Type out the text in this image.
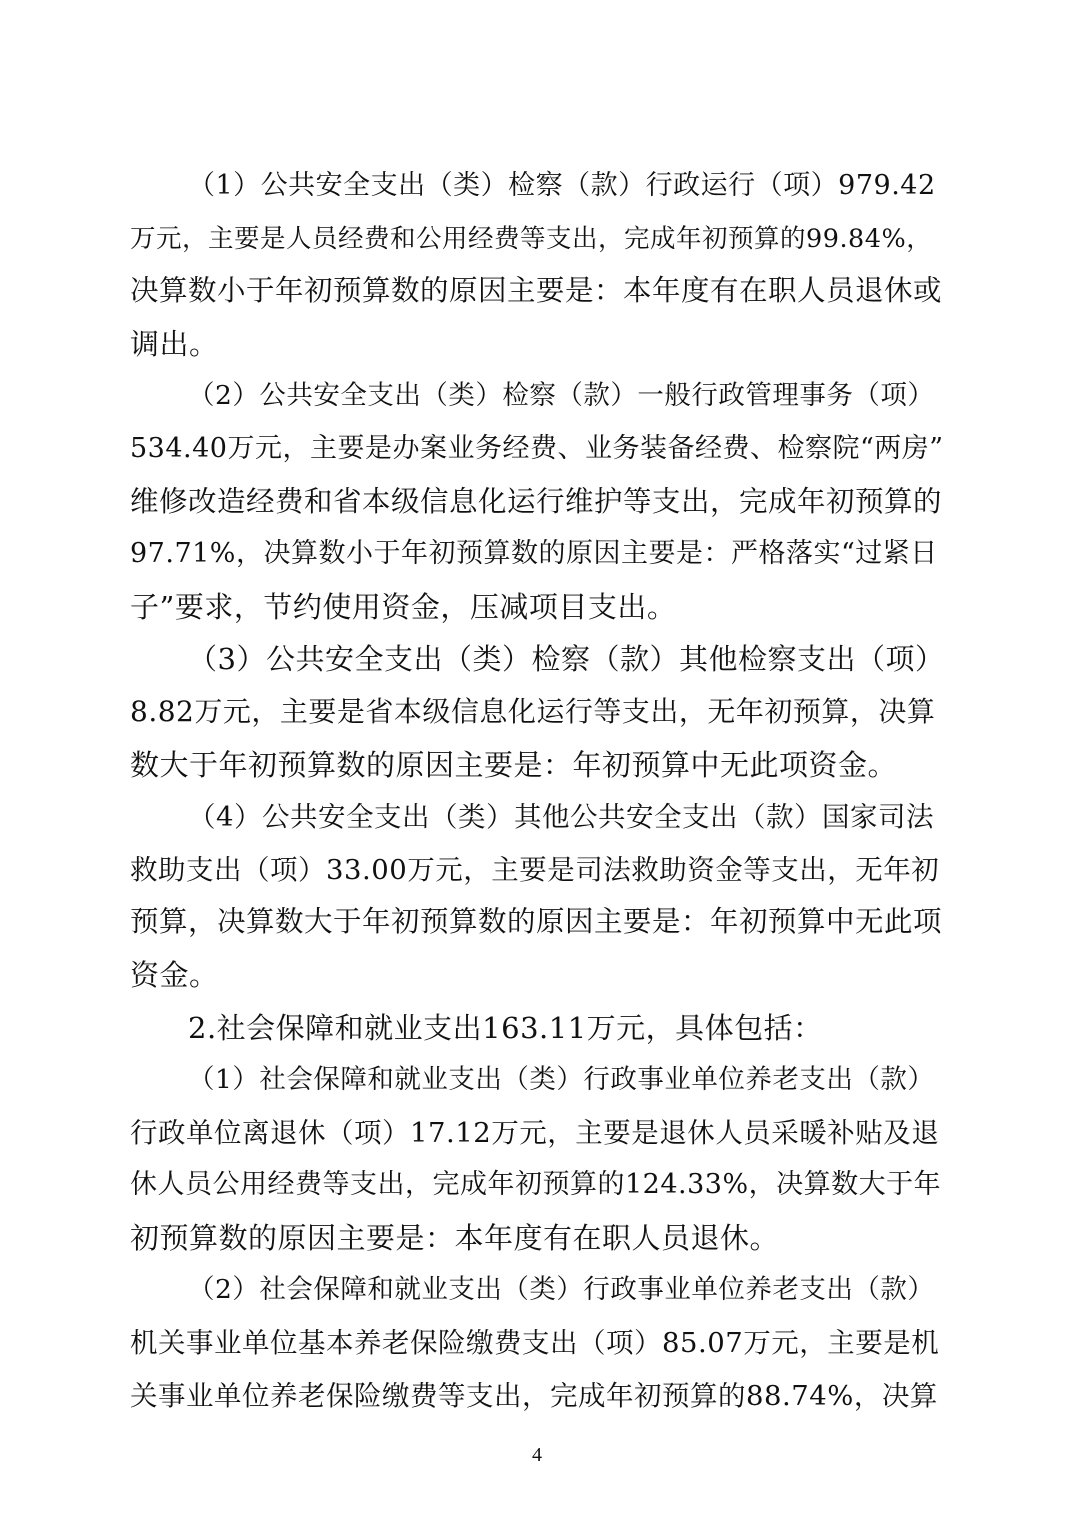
（1）公共安全支出（类）检察（款）行政运行（项）979.42
万元，主要是人员经费和公用经费等支出，完成年初预算的99.84%，
决算数小于年初预算数的原因主要是：本年度有在职人员退休或
调出。
（2）公共安全支出（类）检察（款）一般行政管理事务（项）
534.40万元，主要是办案业务经费、业务装备经费、检察院“两房”
维修改造经费和省本级信息化运行维护等支出，完成年初预算的
97.71%，决算数小于年初预算数的原因主要是：严格落实“过紧日
子”要求，节约使用资金，压减项目支出。
（3）公共安全支出（类）检察（款）其他检察支出（项）
8.82万元，主要是省本级信息化运行等支出，无年初预算，决算
数大于年初预算数的原因主要是：年初预算中无此项资金。
（4）公共安全支出（类）其他公共安全支出（款）国家司法
救助支出（项）33.00万元，主要是司法救助资金等支出，无年初
预算，决算数大于年初预算数的原因主要是：年初预算中无此项
资金。
2.社会保障和就业支出163.11万元，具体包括：
（1）社会保障和就业支出（类）行政事业单位养老支出（款）
行政单位离退休（项）17.12万元，主要是退休人员采暖补贴及退
休人员公用经费等支出，完成年初预算的124.33%，决算数大于年
初预算数的原因主要是：本年度有在职人员退休。
（2）社会保障和就业支出（类）行政事业单位养老支出（款）
机关事业单位基本养老保险缴费支出（项）85.07万元，主要是机
关事业单位养老保险缴费等支出，完成年初预算的88.74%，决算
4
